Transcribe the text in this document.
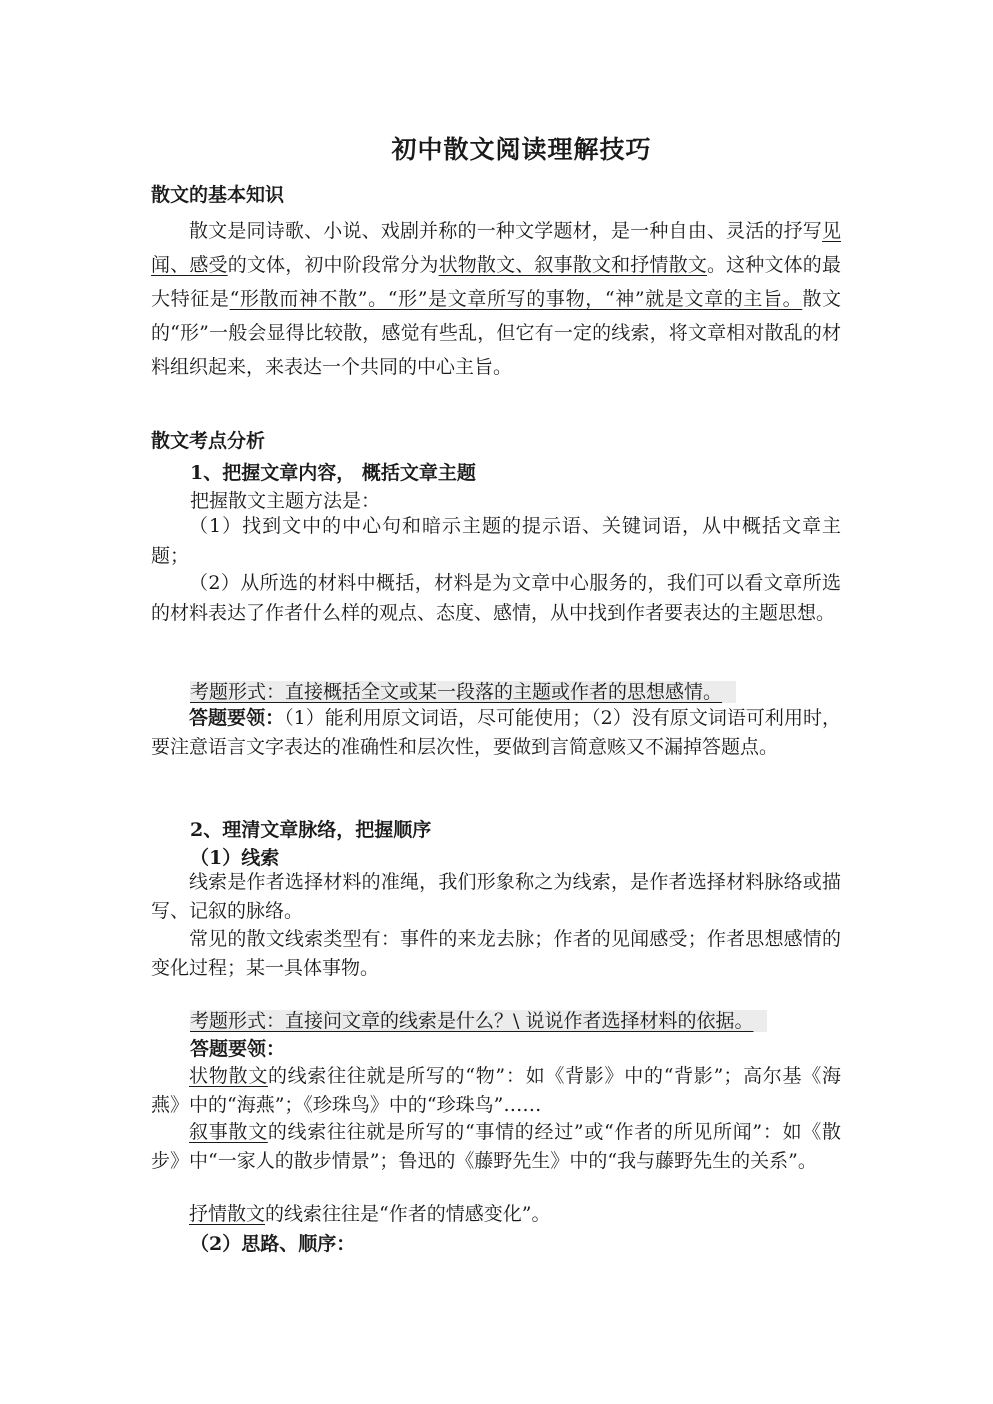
初中散文阅读理解技巧
散文的基本知识

散文是同诗歌、小说、戏剧并称的一种文学题材，是一种自由、灵活的抒写见闻、感受的文体，初中阶段常分为状物散文、叙事散文和抒情散文。这种文体的最大特征是“形散而神不散”。“形”是文章所写的事物，“神”就是文章的主旨。散文的“形”一般会显得比较散，感觉有些乱，但它有一定的线索，将文章相对散乱的材料组织起来，来表达一个共同的中心主旨。

散文考点分析
1、把握文章内容， 概括文章主题
把握散文主题方法是：

（1）找到文中的中心句和暗示主题的提示语、关键词语，从中概括文章主题；

（2）从所选的材料中概括，材料是为文章中心服务的，我们可以看文章所选的材料表达了作者什么样的观点、态度、感情，从中找到作者要表达的主题思想。

考题形式：直接概括全文或某一段落的主题或作者的思想感情。

答题要领：（1）能利用原文词语，尽可能使用；（2）没有原文词语可利用时，要注意语言文字表达的准确性和层次性，要做到言简意赅又不漏掉答题点。

2、理清文章脉络，把握顺序
（1）线索

线索是作者选择材料的准绳，我们形象称之为线索，是作者选择材料脉络或描写、记叙的脉络。

常见的散文线索类型有：事件的来龙去脉；作者的见闻感受；作者思想感情的变化过程；某一具体事物。

考题形式：直接问文章的线索是什么？\ 说说作者选择材料的依据。
答题要领：

状物散文的线索往往就是所写的“物”：如《背影》中的“背影”；高尔基《海燕》中的“海燕”；《珍珠鸟》中的“珍珠鸟”……

叙事散文的线索往往就是所写的“事情的经过”或“作者的所见所闻”：如《散步》中“一家人的散步情景”；鲁迅的《藤野先生》中的“我与藤野先生的关系”。

抒情散文的线索往往是“作者的情感变化”。

（2）思路、顺序：
